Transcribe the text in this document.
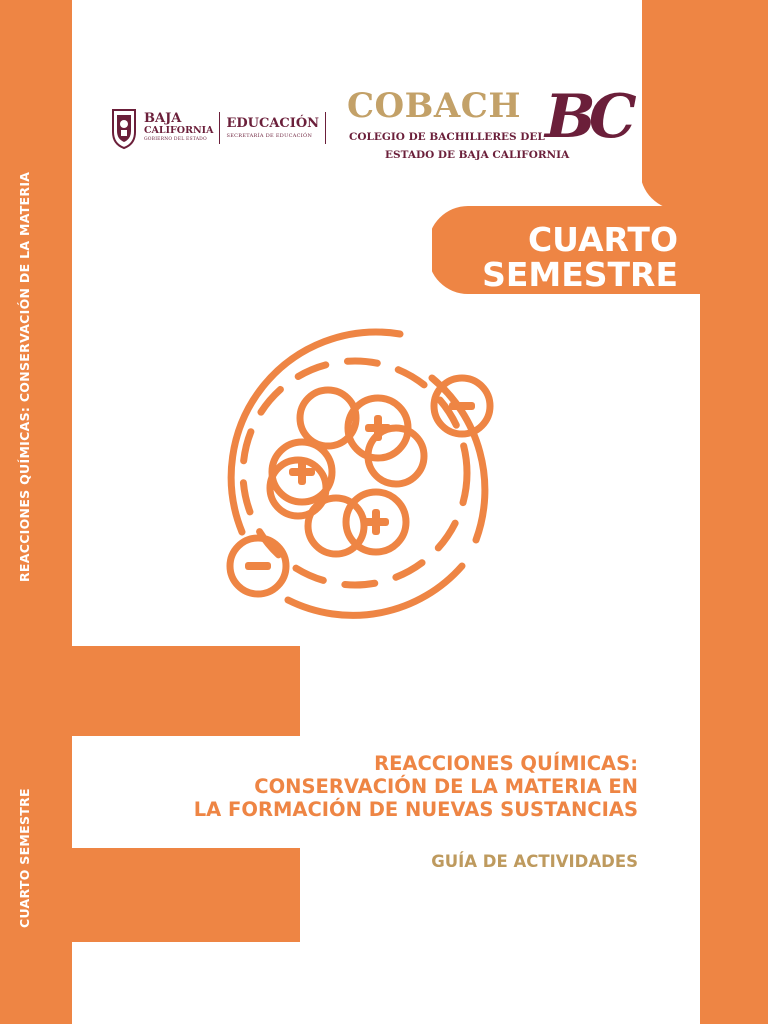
REACCIONES QUÍMICAS: CONSERVACIÓN DE LA MATERIA
CUARTO SEMESTRE
BAJA
CALIFORNIA
GOBIERNO DEL ESTADO
EDUCACIÓN
SECRETARÍA DE EDUCACIÓN
COBACH BC
COLEGIO DE BACHILLERES DEL
ESTADO DE BAJA CALIFORNIA
CUARTO
SEMESTRE
REACCIONES QUÍMICAS:
CONSERVACIÓN DE LA MATERIA EN
LA FORMACIÓN DE NUEVAS SUSTANCIAS
GUÍA DE ACTIVIDADES
